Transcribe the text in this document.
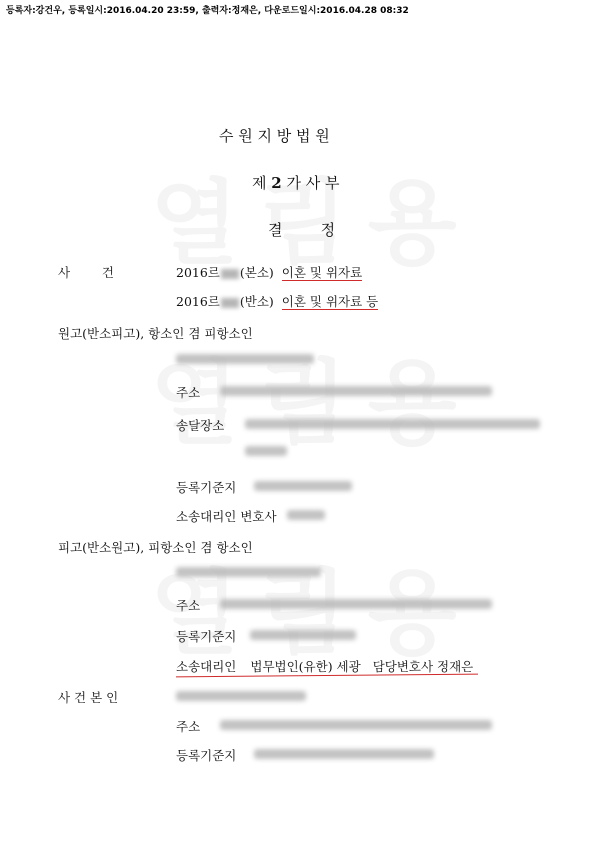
등록자:강건우, 등록일시:2016.04.20 23:59, 출력자:정재은, 다운로드일시:2016.04.28 08:32
수 원 지 방 법 원
제 2 가 사 부
결        정
사        건	2016르 (본소) 이혼 및 위자료
2016르 (반소) 이혼 및 위자료 등
원고(반소피고), 항소인 겸 피항소인
주소
송달장소
등록기준지
소송대리인 변호사
피고(반소원고), 피항소인 겸 항소인
주소
등록기준지
소송대리인 법무법인(유한) 세광 담당변호사 정재은
사 건 본 인
주소
등록기준지
